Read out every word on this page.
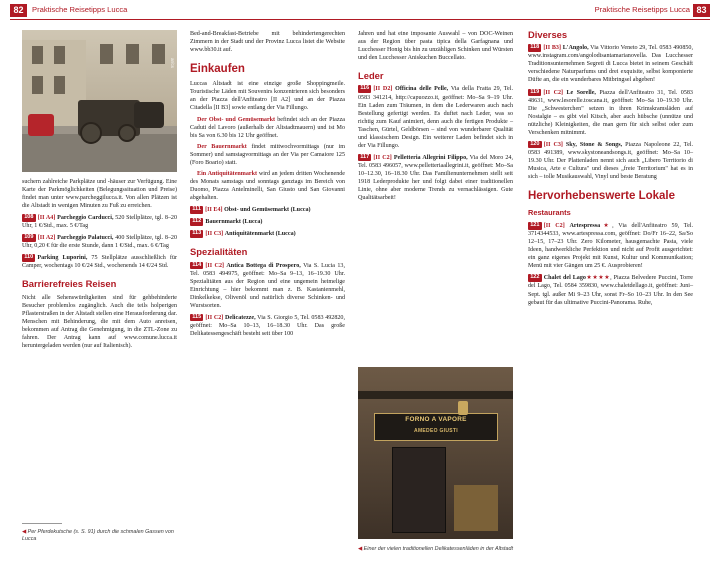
82	Praktische Reisetipps Lucca	Praktische Reisetipps Lucca 83
ar/cs

suchern zahlreiche Parkplätze und -häuser zur Verfügung. Eine Karte der Parkmöglichkeiten (Belegungssituation und Preise) findet man unter www.parcheggilucca.it. Von allen Plätzen ist die Altstadt in wenigen Minuten zu Fuß zu erreichen.

108 [II A4] Parcheggio Carducci, 520 Stellplätze, tgl. 8–20 Uhr, 1 €/Std., max. 5 €/Tag
109 [II A2] Parcheggio Palatucci, 400 Stellplätze, tgl. 8–20 Uhr, 0,20 € für die erste Stunde, dann 1 €/Std., max. 6 €/Tag
110 Parking Luporini, 75 Stellplätze ausschließlich für Camper, wochentags 10 €/24 Std., wochenends 14 €/24 Std.
Barrierefreies Reisen

Nicht alle Sehenswürdigkeiten sind für gehbehinderte Besucher problemlos zugänglich. Auch die teils holperigen Pflasterstraßen in der Altstadt stellen eine Herausforderung dar. Menschen mit Behinderung, die mit dem Auto anreisen, bekommen auf Antrag die Genehmigung, in die ZTL-Zone zu fahren. Der Antrag kann auf www.comune.lucca.it heruntergeladen werden (nur auf Italienisch).

◀ Per Pferdekutsche (s. S. 91) durch die schmalen Gassen von Lucca

Bed-and-Breakfast-Betriebe mit behindertengerechten Zimmern in der Stadt und der Provinz Lucca listet die Website www.bb30.it auf.

Einkaufen

Luccas Altstadt ist eine einzige große Shoppingmeile. Touristische Läden mit Souvenirs konzentrieren sich besonders an der Piazza dell'Anfiteatro [II A2] und an der Piazza Citadella [II B3] sowie entlang der Via Fillungo.

Der Obst- und Gemüsemarkt befindet sich an der Piazza Caduti del Lavoro (außerhalb der Altstadtmauern) und ist Mo bis Sa von 6.30 bis 12 Uhr geöffnet.

Der Bauernmarkt findet mittwochvormittags (nur im Sommer) und samstagvormittags an der Via per Camaiore 125 (Foro Boario) statt.

Ein Antiquitätenmarkt wird an jedem dritten Wochenende des Monats samstags und sonntags ganztags im Bereich von Duomo, Piazza Antelminelli, San Giusto und San Giovanni abgehalten.

111 [II E4] Obst- und Gemüsemarkt (Lucca)
112 Bauernmarkt (Lucca)
113 [II C3] Antiquitätenmarkt (Lucca)
Spezialitäten
114 [II C2] Antica Bottega di Prospero, Via S. Lucia 13, Tel. 0583 494975, geöffnet: Mo–Sa 9–13, 16–19.30 Uhr. Spezialitäten aus der Region und eine ungemein heimelige Einrichtung – hier bekommt man z. B. Kastanienmehl, Dinkelkekse, Olivenöl und natürlich diverse Schinken- und Wurstsorten.
115 [II C2] Delicatezze, Via S. Giorgio 5, Tel. 0583 492820, geöffnet: Mo–Sa 10–13, 16–18.30 Uhr. Das große Delikatessengeschäft besteht seit über 100

Jahren und hat eine imposante Auswahl – von DOC-Weinen aus der Region über pasta tipica della Garfagnana und Lucchesser Honig bis hin zu unzähligen Schinken und Würsten und den Lucchesser Aniskuchen Buccellato.

Leder
116 [II D2] Officina delle Pelle, Via della Fratta 29, Tel. 0583 341214, http://capuozzo.it, geöffnet: Mo–Sa 9–19 Uhr. Ein Laden zum Träumen, in dem die Lederwaren auch nach Bestellung gefertigt werden. Es duftet nach Leder, was so richtig zum Kauf animiert, denn auch die fertigen Produkte – Taschen, Gürtel, Geldbörsen – sind von wunderbarer Qualität und klassischem Design. Ein weiterer Laden befindet sich in der Via Fillungo.
117 [II C2] Pelletteria Allegrini Filippo, Via del Moro 24, Tel. 0583 496057, www.pelletteriaallegrini.it, geöffnet: Mo–Sa 10–12.30, 16–18.30 Uhr. Das Familienunternehmen stellt seit 1918 Lederprodukte her und folgt dabei einer traditionellen Linie, ohne aber moderne Trends zu vernachlässigen. Gute Qualitätsarbeit!
FORNO A VAPORE
AMEDEO GIUSTI
◀ Einer der vielen traditionellen Delikatessenläden in der Altstadt
Diverses
118 [II B3] L'Angolo, Via Vittorio Veneto 29, Tel. 0583 490850, www.instagram.com/angolodisantamarianovella. Das Lucchesser Traditionsunternehmen Segreti di Lucca bietet in seinem Geschäft verschiedene Naturparfums und drei exquisite, selbst komponierte Düfte an, die ein wunderbares Mitbringsel abgeben!
119 [II C2] Le Sorelle, Piazza dell'Anfiteatro 31, Tel. 0583 48631, www.lesorelle.toscana.it, geöffnet: Mo–Sa 10–19.30 Uhr. Die „Schwesterchen" setzen in ihren Krimskramsläden auf Nostalgie – es gibt viel Kitsch, aber auch hübsche (unnütze und nützliche) Kleinigkeiten, die man gern für sich selbst oder zum Verschenken mitnimmt.
120 [II C3] Sky, Stone & Songs, Piazza Napoleone 22, Tel. 0583 491389, www.skystoneandsongs.it, geöffnet: Mo–Sa 10–19.30 Uhr. Der Plattenladen nennt sich auch „Libero Territorio di Musica, Arte e Cultura" und dieses „freie Territorium" hat es in sich – tolle Musikauswahl, Vinyl und beste Beratung
Hervorhebenswerte Lokale
Restaurants
121 [II C2] Artespressa★, Via dell'Anfiteatro 59, Tel. 3714344533, www.artespressa.com, geöffnet: Do/Fr 16–22, Sa/So 12–15, 17–23 Uhr. Zero Kilometer, hausgemachte Pasta, viele Ideen, handwerkliche Perfektion und nicht auf Profit ausgerichtet: ein ganz eigenes Projekt mit Kunst, Kultur und Kommunikation; Menü mit vier Gängen um 25 €. Ausprobieren!
122 Chalet del Lago★★★★, Piazza Belvedere Puccini, Torre del Lago, Tel. 0584 359830, www.chaletdellago.it, geöffnet: Juni–Sept. tgl. außer Mi 9–23 Uhr, sonst Fr–So 10–23 Uhr. In den See gebaut für das ultimative Puccini-Panorama. Ruhe,
